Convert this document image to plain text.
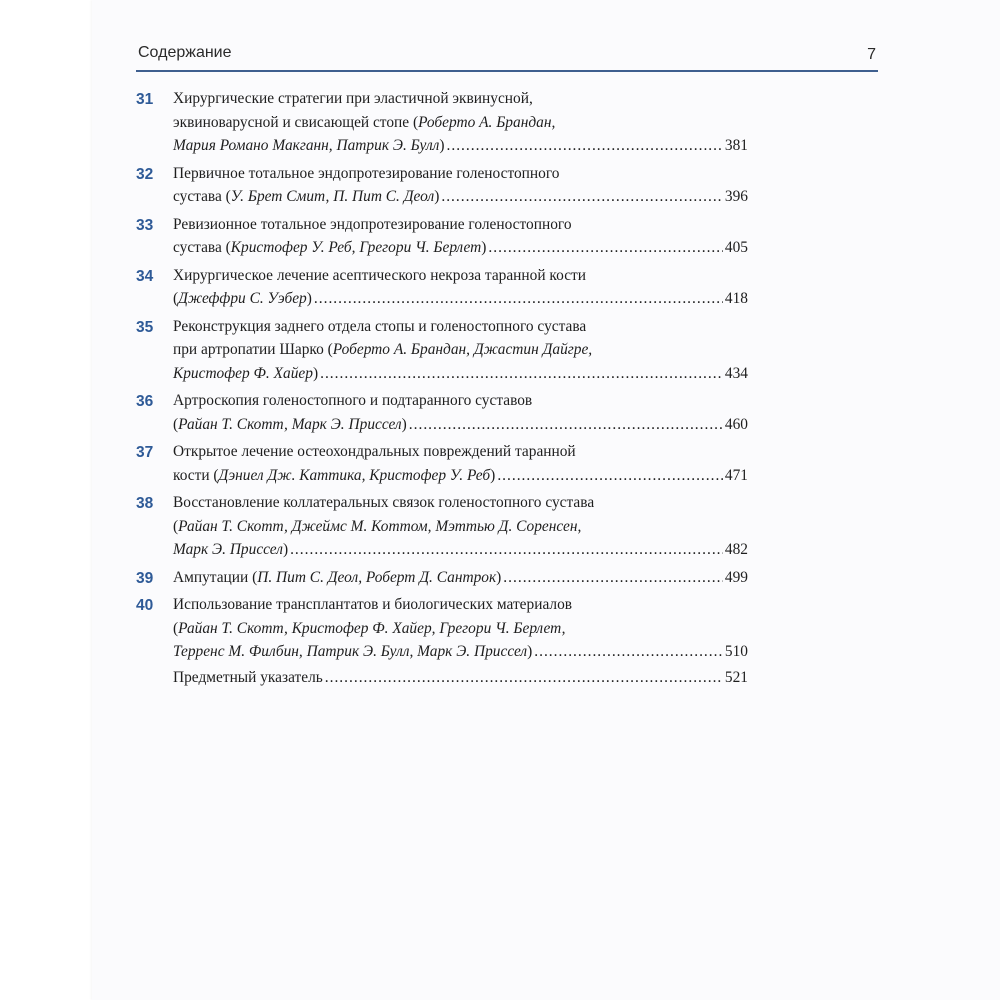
Содержание	7
31 Хирургические стратегии при эластичной эквинусной,
эквиноварусной и свисающей стопе (Роберто А. Брандан,
Мария Романо Макганн, Патрик Э. Булл) .....	381
32 Первичное тотальное эндопротезирование голеностопного
сустава (У. Брет Смит, П. Пит С. Деол) .....	396
33 Ревизионное тотальное эндопротезирование голеностопного
сустава (Кристофер У. Реб, Грегори Ч. Берлет) .....	405
34 Хирургическое лечение асептического некроза таранной кости
(Джеффри С. Уэбер) .....	418
35 Реконструкция заднего отдела стопы и голеностопного сустава
при артропатии Шарко (Роберто А. Брандан, Джастин Дайгре,
Кристофер Ф. Хайер) .....	434
36 Артроскопия голеностопного и подтаранного суставов
(Райан Т. Скотт, Марк Э. Приссел) .....	460
37 Открытое лечение остеохондральных повреждений таранной
кости (Дэниел Дж. Каттика, Кристофер У. Реб) .....	471
38 Восстановление коллатеральных связок голеностопного сустава
(Райан Т. Скотт, Джеймс М. Коттом, Мэттью Д. Соренсен,
Марк Э. Приссел) .....	482
39 Ампутации (П. Пит С. Деол, Роберт Д. Сантрок) .....	499
40 Использование трансплантатов и биологических материалов
(Райан Т. Скотт, Кристофер Ф. Хайер, Грегори Ч. Берлет,
Терренс М. Филбин, Патрик Э. Булл, Марк Э. Приссел) .....	510
Предметный указатель .....	521
